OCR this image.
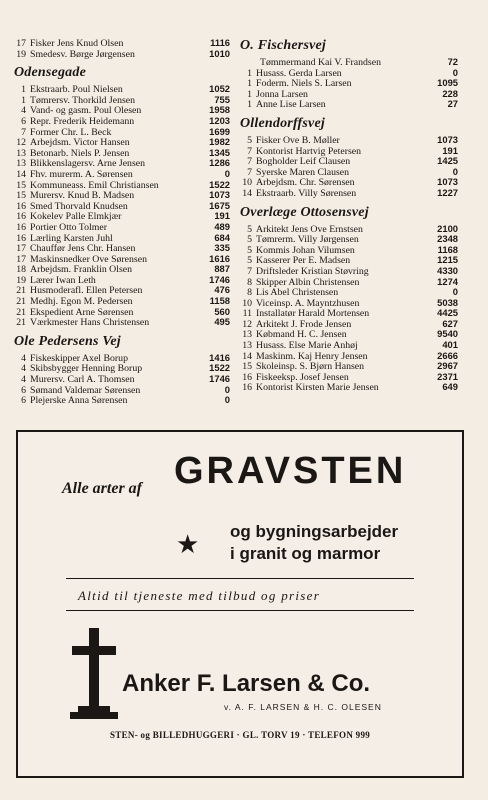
17 Fisker Jens Knud Olsen	1116
19 Smedesv. Børge Jørgensen	1010
Odensegade
1 Ekstraarb. Poul Nielsen	1052
1 Tømrersv. Thorkild Jensen	755
4 Vand- og gasm. Poul Olesen	1958
6 Repr. Frederik Heidemann	1203
7 Former Chr. L. Beck	1699
12 Arbejdsm. Victor Hansen	1982
13 Betonarb. Niels P. Jensen	1345
13 Blikkenslagersv. Arne Jensen	1286
14 Fhv. murerm. A. Sørensen	0
15 Kommuneass. Emil Christiansen	1522
15 Murersv. Knud B. Madsen	1073
16 Smed Thorvald Knudsen	1675
16 Kokelev Palle Elmkjær	191
16 Portier Otto Tolmer	489
16 Lærling Karsten Juhl	684
17 Chauffør Jens Chr. Hansen	335
17 Maskinsnedker Ove Sørensen	1616
18 Arbejdsm. Franklin Olsen	887
19 Lærer Iwan Leth	1746
21 Husmoderafl. Ellen Petersen	476
21 Medhj. Egon M. Pedersen	1158
21 Ekspedient Arne Sørensen	560
21 Værkmester Hans Christensen	495
Ole Pedersens Vej
4 Fiskeskipper Axel Borup	1416
4 Skibsbygger Henning Borup	1522
4 Murersv. Carl A. Thomsen	1746
6 Sømand Valdemar Sørensen	0
6 Plejerske Anna Sørensen	0
O. Fischersvej
Tømmermand Kai V. Frandsen	72
1 Husass. Gerda Larsen	0
1 Foderm. Niels S. Larsen	1095
1 Jonna Larsen	228
1 Anne Lise Larsen	27
Ollendorffsvej
5 Fisker Ove B. Møller	1073
7 Kontorist Hartvig Petersen	191
7 Bogholder Leif Clausen	1425
7 Syerske Maren Clausen	0
10 Arbejdsm. Chr. Sørensen	1073
14 Ekstraarb. Villy Sørensen	1227
Overlæge Ottosensvej
5 Arkitekt Jens Ove Ernstsen	2100
5 Tømrerm. Villy Jørgensen	2348
5 Kommis Johan Vilumsen	1168
5 Kasserer Per E. Madsen	1215
7 Driftsleder Kristian Støvring	4330
8 Skipper Albin Christensen	1274
8 Lis Abel Christensen	0
10 Viceinsp. A. Mayntzhusen	5038
11 Installatør Harald Mortensen	4425
12 Arkitekt J. Frode Jensen	627
13 Købmand H. C. Jensen	9540
13 Husass. Else Marie Anhøj	401
14 Maskinm. Kaj Henry Jensen	2666
15 Skoleinsp. S. Bjørn Hansen	2967
16 Fiskeeksp. Josef Jensen	2371
16 Kontorist Kirsten Marie Jensen	649
Alle arter af GRAVSTEN
★ og bygningsarbejder
i granit og marmor
Altid til tjeneste med tilbud og priser
Anker F. Larsen & Co.
v. A. F. LARSEN & H. C. OLESEN
STEN- og BILLEDHUGGERI · GL. TORV 19 · TELEFON 999
